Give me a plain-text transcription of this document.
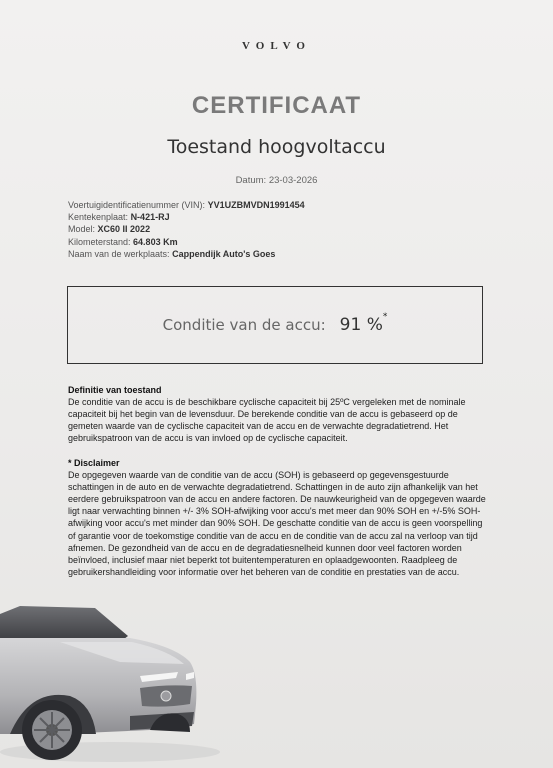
VOLVO
CERTIFICAAT
Toestand hoogvoltaccu
Datum: 23-03-2026
Voertuigidentificatienummer (VIN): YV1UZBMVDN1991454
Kentekenplaat: N-421-RJ
Model: XC60 II 2022
Kilometerstand: 64.803 Km
Naam van de werkplaats: Cappendijk Auto's Goes
Conditie van de accu: 91 %*
Definitie van toestand

De conditie van de accu is de beschikbare cyclische capaciteit bij 25ºC vergeleken met de nominale capaciteit bij het begin van de levensduur. De berekende conditie van de accu is gebaseerd op de gemeten waarde van de cyclische capaciteit van de accu en de verwachte degradatietrend. Het gebruikspatroon van de accu is van invloed op de cyclische capaciteit.

* Disclaimer

De opgegeven waarde van de conditie van de accu (SOH) is gebaseerd op gegevensgestuurde schattingen in de auto en de verwachte degradatietrend. Schattingen in de auto zijn afhankelijk van het eerdere gebruikspatroon van de accu en andere factoren. De nauwkeurigheid van de opgegeven waarde ligt naar verwachting binnen +/- 3% SOH-afwijking voor accu's met meer dan 90% SOH en +/-5% SOH-afwijking voor accu's met minder dan 90% SOH. De geschatte conditie van de accu is geen voorspelling of garantie voor de toekomstige conditie van de accu en de conditie van de accu zal na verloop van tijd afnemen. De gezondheid van de accu en de degradatiesnelheid kunnen door veel factoren worden beïnvloed, inclusief maar niet beperkt tot buitentemperaturen en oplaadgewoonten. Raadpleeg de gebruikershandleiding voor informatie over het beheren van de conditie en prestaties van de accu.
